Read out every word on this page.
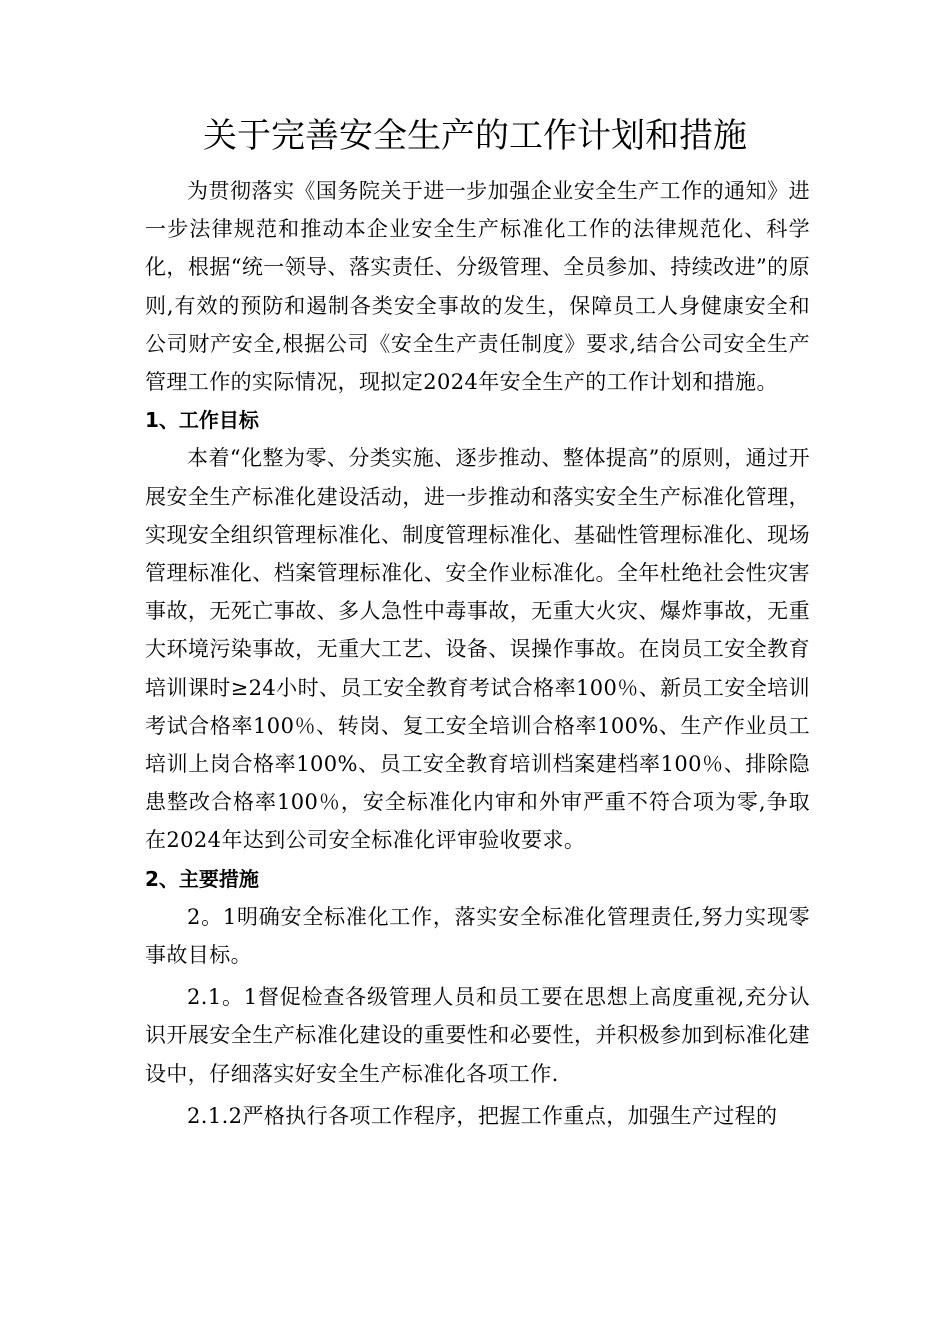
关于完善安全生产的工作计划和措施

为贯彻落实《国务院关于进一步加强企业安全生产工作的通知》进一步法律规范和推动本企业安全生产标准化工作的法律规范化、科学化，根据“统一领导、落实责任、分级管理、全员参加、持续改进”的原则,有效的预防和遏制各类安全事故的发生，保障员工人身健康安全和公司财产安全,根据公司《安全生产责任制度》要求,结合公司安全生产管理工作的实际情况，现拟定2024年安全生产的工作计划和措施。

1、工作目标

本着“化整为零、分类实施、逐步推动、整体提高”的原则，通过开展安全生产标准化建设活动，进一步推动和落实安全生产标准化管理，实现安全组织管理标准化、制度管理标准化、基础性管理标准化、现场管理标准化、档案管理标准化、安全作业标准化。全年杜绝社会性灾害事故，无死亡事故、多人急性中毒事故，无重大火灾、爆炸事故，无重大环境污染事故，无重大工艺、设备、误操作事故。在岗员工安全教育培训课时≥24小时、员工安全教育考试合格率100％、新员工安全培训考试合格率100％、转岗、复工安全培训合格率100%、生产作业员工培训上岗合格率100%、员工安全教育培训档案建档率100％、排除隐患整改合格率100％，安全标准化内审和外审严重不符合项为零,争取在2024年达到公司安全标准化评审验收要求。

2、主要措施

2。1明确安全标准化工作，落实安全标准化管理责任,努力实现零事故目标。

2.1。1督促检查各级管理人员和员工要在思想上高度重视,充分认识开展安全生产标准化建设的重要性和必要性，并积极参加到标准化建设中，仔细落实好安全生产标准化各项工作.

2.1.2严格执行各项工作程序，把握工作重点，加强生产过程的
